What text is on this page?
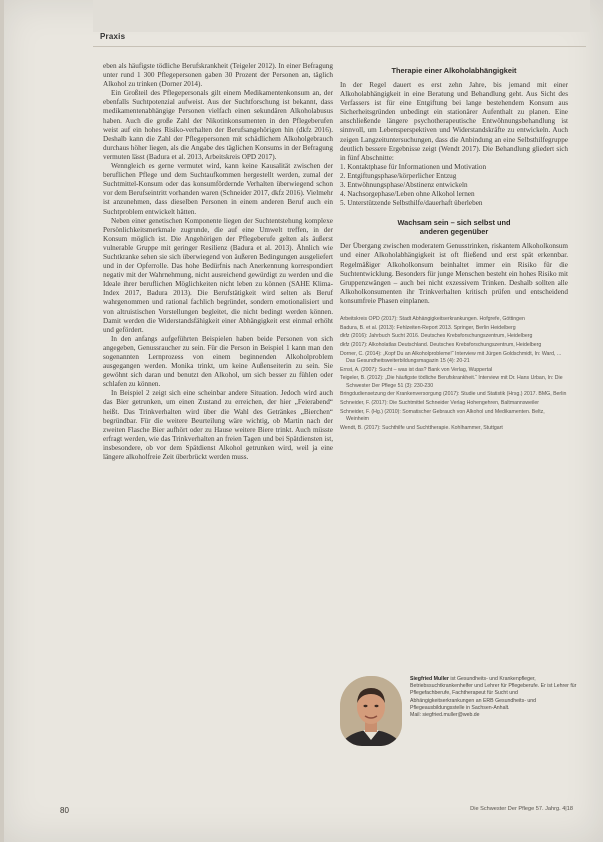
Praxis

eben als häufigste tödliche Berufskrankheit (Teigeler 2012). In einer Befragung unter rund 1 300 Pflegepersonen gaben 30 Prozent der Personen an, täglich Alkohol zu trinken (Dorner 2014).

Ein Großteil des Pflegepersonals gilt einem Medikamentenkonsum an, der ebenfalls Suchtpotenzial aufweist. Aus der Suchtforschung ist bekannt, dass medikamentenabhängige Personen vielfach einen sekundären Alkoholabusus haben. Auch die große Zahl der Nikotinkonsumenten in den Pflegeberufen weist auf ein hohes Risiko-verhalten der Berufsangehörigen hin (dkfz 2016). Deshalb kann die Zahl der Pflegepersonen mit schädlichem Alkoholgebrauch durchaus höher liegen, als die Angabe des täglichen Konsums in der Befragung vermuten lässt (Badura et al. 2013, Arbeitskreis OPD 2017).

Wenngleich es gerne vermutet wird, kann keine Kausalität zwischen der beruflichen Pflege und dem Suchtaufkommen hergestellt werden, zumal der Suchtmittel-Konsum oder das konsumfördernde Verhalten überwiegend schon vor dem Berufseintritt vorhanden waren (Schneider 2017, dkfz 2016). Vielmehr ist anzunehmen, dass dieselben Personen in einem anderen Beruf auch ein Suchtproblem entwickelt hätten.

Neben einer genetischen Komponente liegen der Suchtentstehung komplexe Persönlichkeitsmerkmale zugrunde, die auf eine Umwelt treffen, in der Konsum möglich ist. Die Angehörigen der Pflegeberufe gelten als äußerst vulnerable Gruppe mit geringer Resilienz (Badura et al. 2013). Ähnlich wie Suchtkranke sehen sie sich überwiegend von äußeren Bedingungen ausgeliefert und in der Opferrolle. Das hohe Bedürfnis nach Anerkennung korrespondiert negativ mit der Wahrnehmung, nicht ausreichend gewürdigt zu werden und die Ideale ihrer beruflichen Möglichkeiten nicht leben zu können (SAHE Klima-Index 2017, Badura 2013). Die Berufstätigkeit wird selten als Beruf wahrgenommen und rational fachlich begründet, sondern emotionalisiert und von altruistischen Vorstellungen begleitet, die nicht bedingt werden können. Damit werden die Widerstandsfähigkeit einer Abhängigkeit erst einmal erhöht und gefördert.

In den anfangs aufgeführten Beispielen haben beide Personen von sich angegeben, Genussraucher zu sein. Für die Person in Beispiel 1 kann man den sogenannten Lernprozess von einem beginnenden Alkoholproblem ausgegangen werden. Monika trinkt, um keine Außenseiterin zu sein. Sie gewöhnt sich daran und benutzt den Alkohol, um sich besser zu fühlen oder schlafen zu können.

In Beispiel 2 zeigt sich eine scheinbar andere Situation. Jedoch wird auch das Bier getrunken, um einen Zustand zu erreichen, der hier „Feierabend“ heißt. Das Trinkverhalten wird über die Wahl des Getränkes „Bierchen“ begründbar. Für die weitere Beurteilung wäre wichtig, ob Martin nach der zweiten Flasche Bier aufhört oder zu Hause weitere Biere trinkt. Auch müsste erfragt werden, wie das Trinkverhalten an freien Tagen und bei Spätdiensten ist, insbesondere, ob vor dem Spätdienst Alkohol getrunken wird, weil ja eine längere alkoholfreie Zeit überbrückt werden muss.

Therapie einer Alkoholabhängigkeit

In der Regel dauert es erst zehn Jahre, bis jemand mit einer Alkoholabhängigkeit in eine Beratung und Behandlung geht. Aus Sicht des Verfassers ist für eine Entgiftung bei lange bestehendem Konsum aus Sicherheitsgründen unbedingt ein stationärer Aufenthalt zu planen. Eine anschließende längere psychotherapeutische Entwöhnungsbehandlung ist sinnvoll, um Lebensperspektiven und Widerstandskräfte zu entwickeln. Auch zeigen Langzeituntersuchungen, dass die Anbindung an eine Selbsthilfegruppe deutlich bessere Ergebnisse zeigt (Wendt 2017). Die Behandlung gliedert sich in fünf Abschnitte:

1. Kontaktphase für Informationen und Motivation
2. Entgiftungsphase/körperlicher Entzug
3. Entwöhnungsphase/Abstinenz entwickeln
4. Nachsorgephase/Leben ohne Alkohol lernen
5. Unterstützende Selbsthilfe/dauerhaft überleben
Wachsam sein – sich selbst und
anderen gegenüber

Der Übergang zwischen moderatem Genusstrinken, riskantem Alkoholkonsum und einer Alkoholabhängigkeit ist oft fließend und erst spät erkennbar. Regelmäßiger Alkoholkonsum beinhaltet immer ein Risiko für die Suchtentwicklung. Besonders für junge Menschen besteht ein hohes Risiko mit Gruppenzwängen – auch bei nicht exzessivem Trinken. Deshalb sollten alle Alkoholkonsumenten ihr Trinkverhalten kritisch prüfen und entscheidend konsumfreie Phasen einplanen.

Arbeitskreis OPD (2017): Stadt Abhängigkeitserkrankungen. Hofgrefe, Göttingen
Badura, B. et al. (2013): Fehlzeiten-Report 2013. Springer, Berlin Heidelberg
dkfz (2016): Jahrbuch Sucht 2016. Deutsches Krebsforschungszentrum, Heidelberg
dkfz (2017): Alkoholatlas Deutschland. Deutsches Krebsforschungszentrum, Heidelberg
Dorner, C. (2014): „Kopf Du an Alkoholprobleme!“ Interview mit Jürgen Goldschmidt, In: Ward, ... Das Gesundheitsweiterbildungsmagazin 15 (4): 20-21
Ernst, A. (2007): Sucht – was ist das? Bank von Verlag, Wuppertal
Teigeler, B. (2012): „Die häufigste tödliche Berufskrankheit.“ Interview mit Dr. Hans Urban, In: Die Schwester Der Pflege 51 (3): 230-230
Bringdudiensetzung der Krankenversorgung (2017): Studie und Statistik (Hrsg.) 2017. BMG, Berlin
Schneider, F. (2017): Die Suchtmittel Schneider Verlag Hohengehren, Baltmannsweiler
Schneider, F. (Hg.) (2010): Somatischer Gebrauch von Alkohol und Medikamenten. Beltz, Weinheim
Wendt, B. (2017): Suchthilfe und Suchttherapie. Kohlhammer, Stuttgart
Siegfried Muller ist Gesundheits- und Krankenpfleger, Betriebssuchtkrankenhelfer und Lehrer für Pflegeberufe. Er ist Lehrer für Pflegefachberufe, Fachtherapeut für Sucht und Abhängigkeitserkrankungen an ERB Gesundheits- und Pflegeausbildungsstelle in Sachsen-Anhalt.
Mail: siegfried.muller@web.de
80	Die Schwester Der Pflege 57. Jahrg. 4|18
